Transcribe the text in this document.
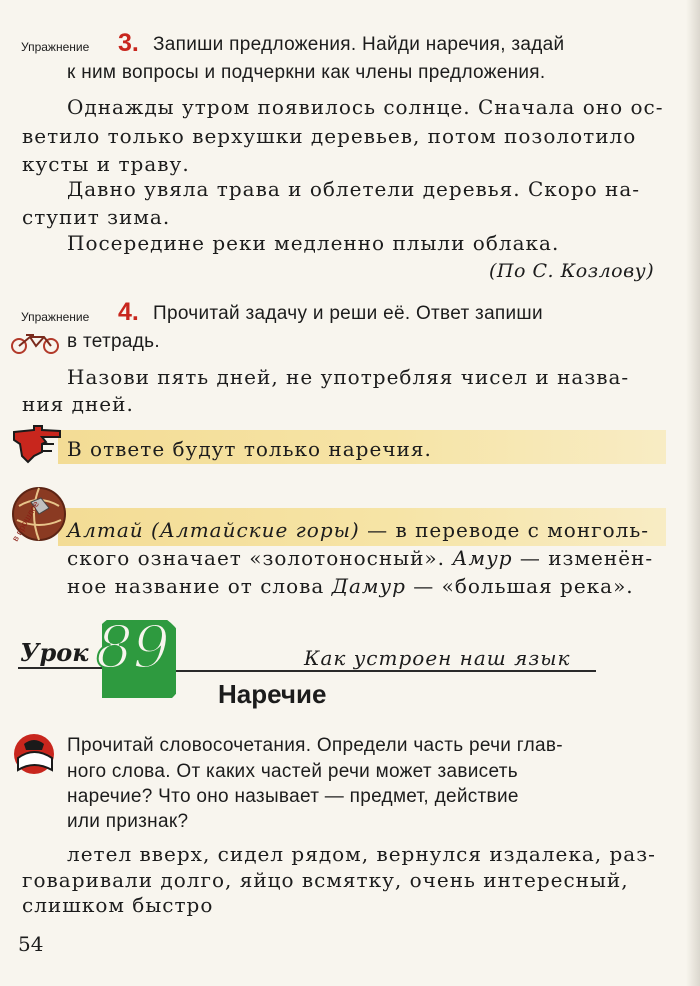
Упражнение 3. Запиши предложения. Найди наречия, задай
к ним вопросы и подчеркни как члены предложения.
Однажды утром появилось солнце. Сначала оно ос-
ветило только верхушки деревьев, потом позолотило
кусты и траву.
Давно увяла трава и облетели деревья. Скоро на-
ступит зима.
Посередине реки медленно плыли облака.
(По С. Козлову)
Упражнение 4. Прочитай задачу и реши её. Ответ запиши
в тетрадь.
Назови пять дней, не употребляя чисел и назва-
ния дней.
В ответе будут только наречия.
в прошлое Алтай (Алтайские горы) — в переводе с монголь-
ского означает «золотоносный». Амур — изменён-
ное название от слова Дамур — «большая река».
Урок 89	Как устроен наш язык
Наречие
Прочитай словосочетания. Определи часть речи глав-
ного слова. От каких частей речи может зависеть
наречие? Что оно называет — предмет, действие
или признак?
летел вверх, сидел рядом, вернулся издалека, раз-
говаривали долго, яйцо всмятку, очень интересный,
слишком быстро
54
